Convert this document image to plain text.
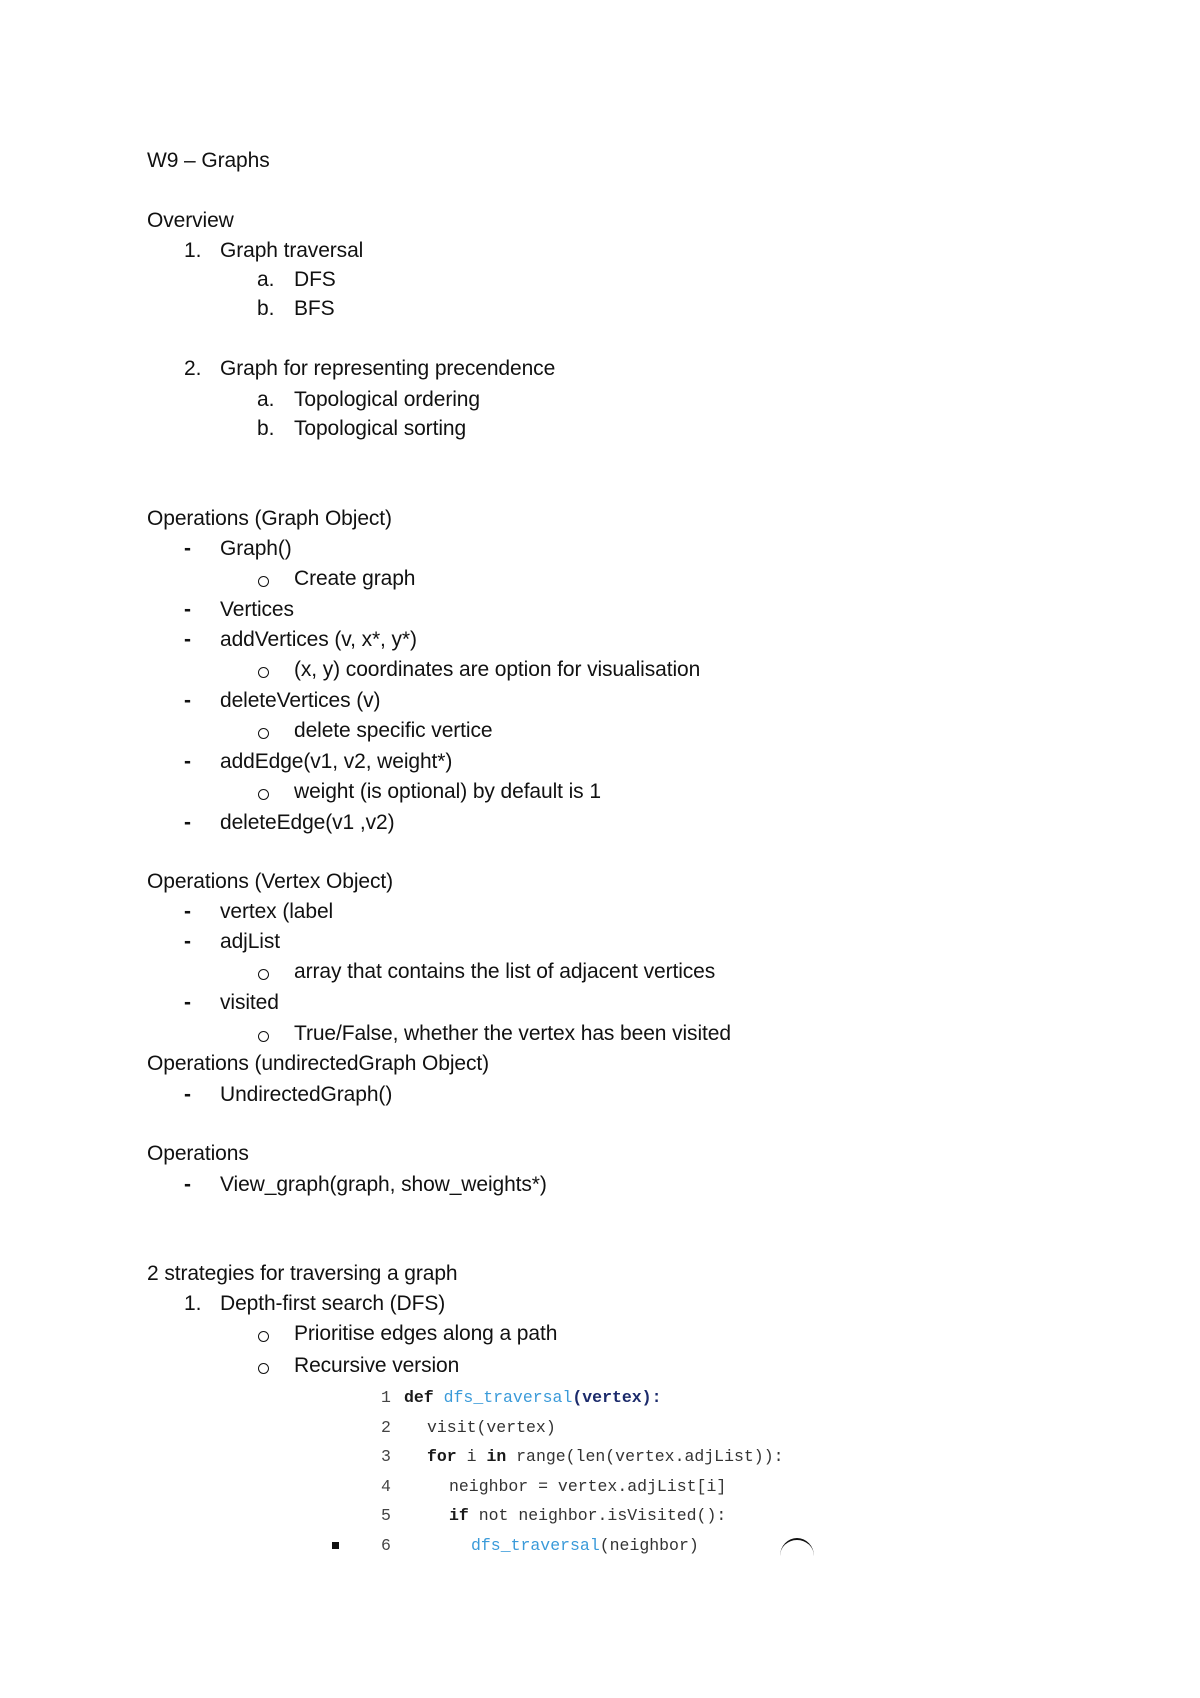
W9 – Graphs
Overview
1. Graph traversal
a. DFS
b. BFS
2. Graph for representing precendence
a. Topological ordering
b. Topological sorting
Operations (Graph Object)
- Graph()
Create graph
- Vertices
- addVertices (v, x*, y*)
(x, y) coordinates are option for visualisation
- deleteVertices (v)
delete specific vertice
- addEdge(v1, v2, weight*)
weight (is optional) by default is 1
- deleteEdge(v1 ,v2)
Operations (Vertex Object)
- vertex (label
- adjList
array that contains the list of adjacent vertices
- visited
True/False, whether the vertex has been visited
Operations (undirectedGraph Object)
- UndirectedGraph()
Operations
- View_graph(graph, show_weights*)
2 strategies for traversing a graph
1. Depth-first search (DFS)
Prioritise edges along a path
Recursive version
1 def dfs_traversal(vertex):
2 visit(vertex)
3 for i in range(len(vertex.adjList)):
4	neighbor = vertex.adjList[i]
5	if not neighbor.isVisited():
6	dfs_traversal(neighbor)
